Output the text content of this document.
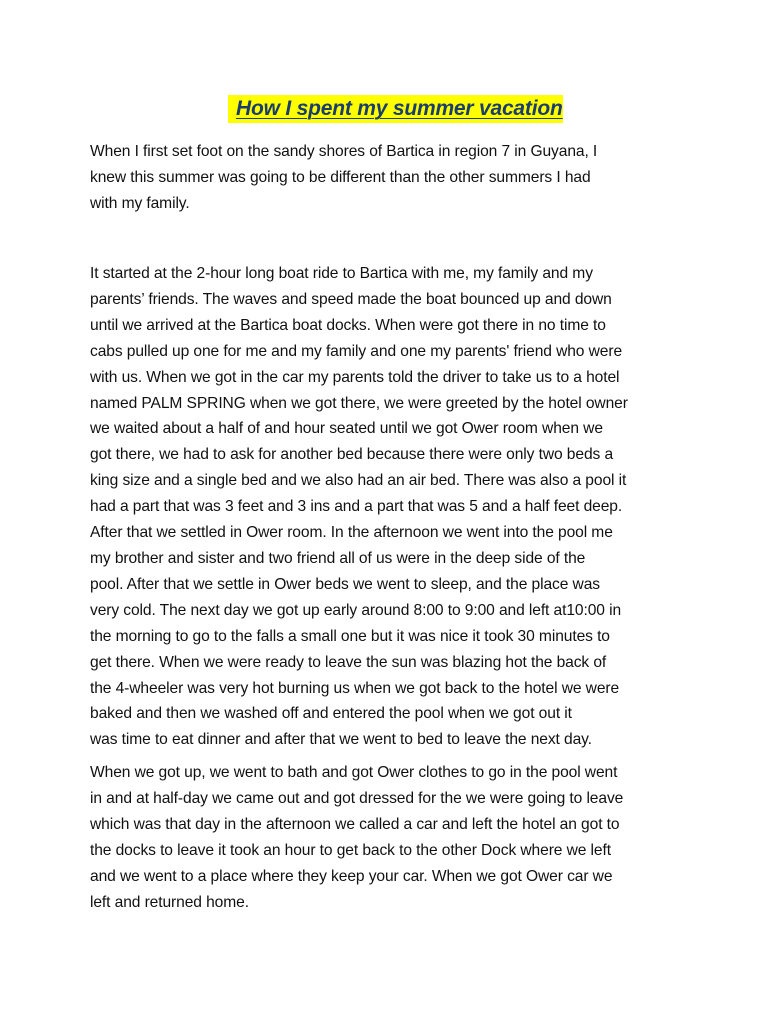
How I spent my summer vacation

When I first set foot on the sandy shores of Bartica in region 7 in Guyana, I
knew this summer was going to be different than the other summers I had
with my family.

It started at the 2-hour long boat ride to Bartica with me, my family and my
parents’ friends. The waves and speed made the boat bounced up and down
until we arrived at the Bartica boat docks. When were got there in no time to
cabs pulled up one for me and my family and one my parents' friend who were
with us. When we got in the car my parents told the driver to take us to a hotel
named PALM SPRING when we got there, we were greeted by the hotel owner
we waited about a half of and hour seated until we got Ower room when we
got there, we had to ask for another bed because there were only two beds a
king size and a single bed and we also had an air bed. There was also a pool it
had a part that was 3 feet and 3 ins and a part that was 5 and a half feet deep.
After that we settled in Ower room. In the afternoon we went into the pool me
my brother and sister and two friend all of us were in the deep side of the
pool. After that we settle in Ower beds we went to sleep, and the place was
very cold. The next day we got up early around 8:00 to 9:00 and left at10:00 in
the morning to go to the falls a small one but it was nice it took 30 minutes to
get there. When we were ready to leave the sun was blazing hot the back of
the 4-wheeler was very hot burning us when we got back to the hotel we were
baked and then we washed off and entered the pool when we got out it
was time to eat dinner and after that we went to bed to leave the next day.

When we got up, we went to bath and got Ower clothes to go in the pool went
in and at half-day we came out and got dressed for the we were going to leave
which was that day in the afternoon we called a car and left the hotel an got to
the docks to leave it took an hour to get back to the other Dock where we left
and we went to a place where they keep your car. When we got Ower car we
left and returned home.
